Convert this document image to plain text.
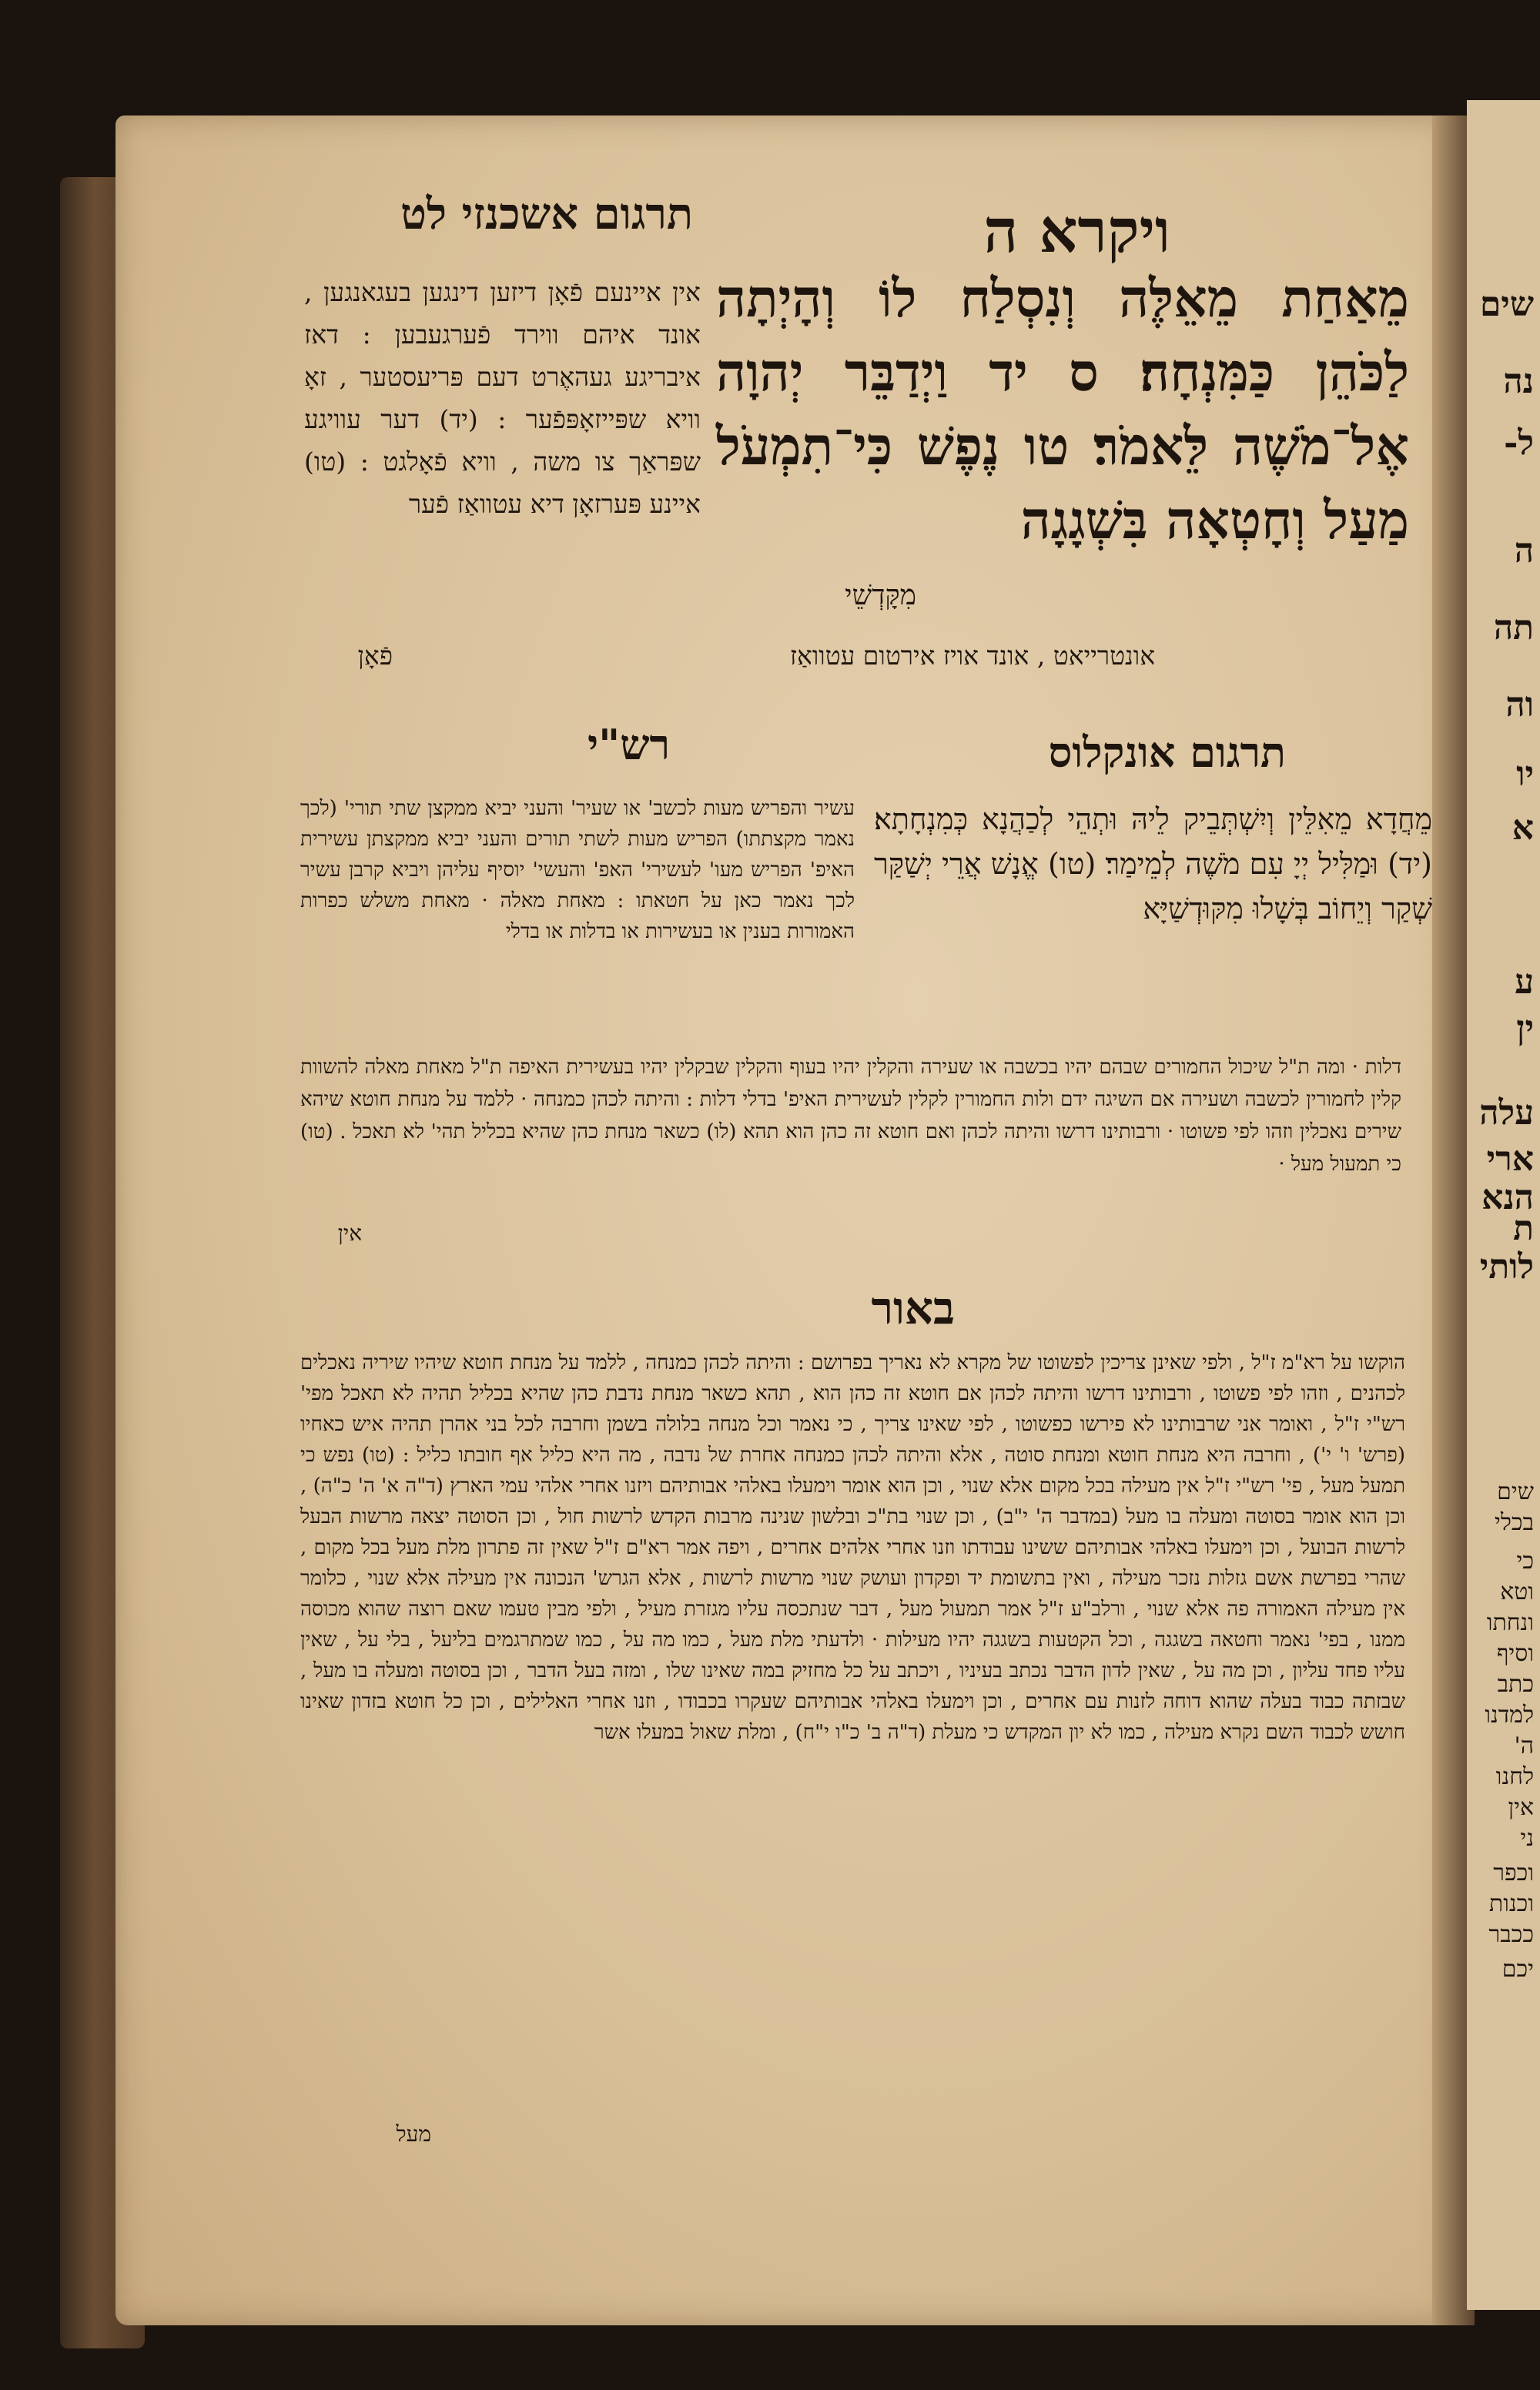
שים
נה
ל-
ה
תה
וה
יו
א
ע
ין
עלה
ארי
הנא
ת
לותי
שים
בכלי
כי
וטא
ונחתו
וסיף
כתב
למדנו
ה'
לחנו
אין
ני
וכפר
וכנות
ככבר
יכם
ויקרא ה
תרגום אשכנזי לט
מֵאַחַת מֵאֵלֶּה וְנִסְלַח לוֹ וְהָיְתָה לַכֹּהֵן כַּמִּנְחָה׃ ס יד וַיְדַבֵּר יְהוָה אֶל־מֹשֶׁה לֵּאמֹר׃ טו נֶפֶשׁ כִּי־תִמְעֹל מַעַל וְחָטְאָה בִּשְׁגָגָה
מִקָּדְשֵׁי
אין איינעם פֿאָן דיזען דינגען בעגאנגען , אונד איהם ווירד פֿערגעבען : דאז איבריגע געהאֶרט דעם פּריעסטער , זאָ וויא שפּייזאָפּפֿער : (יד) דער עוויגע שפּראַך צו משה , וויא פֿאָלגט : (טו) איינע פּערזאָן דיא עטוואַז פֿער
אונטרייאט , אונד אויז אירטום עטוואַז
פֿאָן
תרגום אונקלוס
רש"י
מֵחֲדָא מֵאִלֵּין וְיִשְׁתְּבֵיק לֵיהּ וּתְהֵי לְכַהֲנָא כְּמִנְחָתָא׃ (יד) וּמַלִּיל יְיָ עִם מֹשֶׁה לְמֵימַר׃ (טו) אֱנָשׁ אֲרֵי יְשַׁקַּר שְׁקַר וְיֵחוֹב בְּשָׁלוּ מִקּוּדְשַׁיָּא
עשיר והפריש מעות לכשב' או שעיר' והעני יביא ממקצן שתי תורי' (לכך נאמר מקצתתו) הפריש מעות לשתי תורים והעני יביא ממקצתן עשירית האיפ' הפריש מעו' לעשירי' האפ' והעשי' יוסיף עליהן ויביא קרבן עשיר לכך נאמר כאן על חטאתו : מאחת מאלה · מאחת משלש כפרות האמורות בענין או בעשירות או בדלות או בדלי
דלות · ומה ת"ל שיכול החמורים שבהם יהיו בכשבה או שעירה והקלין יהיו בעוף והקלין שבקלין יהיו בעשירית האיפה ת"ל מאחת מאלה להשוות קלין לחמורין לכשבה ושעירה אם השיגה ידם ולות החמורין לקלין לעשירית האיפ' בדלי דלות : והיתה לכהן כמנחה · ללמד על מנחת חוטא שיהא שירים נאכלין וזהו לפי פשוטו · ורבותינו דרשו והיתה לכהן ואם חוטא זה כהן הוא תהא (לו) כשאר מנחת כהן שהיא בכליל תהי' לא תאכל . (טו) כי תמעול מעל ·
אין
באור
הוקשו על רא"מ ז"ל , ולפי שאינן צריכין לפשוטו של מקרא לא נאריך בפרושם : והיתה לכהן כמנחה , ללמד על מנחת חוטא שיהיו שיריה נאכלים לכהנים , וזהו לפי פשוטו , ורבותינו דרשו והיתה לכהן אם חוטא זה כהן הוא , תהא כשאר מנחת נדבת כהן שהיא בכליל תהיה לא תאכל מפי' רש"י ז"ל , ואומר אני שרבותינו לא פירשו כפשוטו , לפי שאינו צריך , כי נאמר וכל מנחה בלולה בשמן וחרבה לכל בני אהרן תהיה איש כאחיו (פרש' ו' י') , וחרבה היא מנחת חוטא ומנחת סוטה , אלא והיתה לכהן כמנחה אחרת של נדבה , מה היא כליל אף חובתו כליל : (טו) נפש כי תמעל מעל , פי' רש"י ז"ל אין מעילה בכל מקום אלא שנוי , וכן הוא אומר וימעלו באלהי אבותיהם ויזנו אחרי אלהי עמי הארץ (ד"ה א' ה' כ"ה) , וכן הוא אומר בסוטה ומעלה בו מעל (במדבר ה' י"ב) , וכן שנוי בת"כ ובלשון שנינה מרבות הקדש לרשות חול , וכן הסוטה יצאה מרשות הבעל לרשות הבועל , וכן וימעלו באלהי אבותיהם ששינו עבודתו וזנו אחרי אלהים אחרים , ויפה אמר רא"ם ז"ל שאין זה פתרון מלת מעל בכל מקום , שהרי בפרשת אשם גזלות נזכר מעילה , ואין בתשומת יד ופקדון ועושק שנוי מרשות לרשות , אלא הגרש' הנכונה אין מעילה אלא שנוי , כלומר אין מעילה האמורה פה אלא שנוי , ורלב"ע ז"ל אמר תמעול מעל , דבר שנתכסה עליו מגזרת מעיל , ולפי מבין טעמו שאם רוצה שהוא מכוסה ממנו , בפי' נאמר וחטאה בשגגה , וכל הקטעות בשגגה יהיו מעילות · ולדעתי מלת מעל , כמו מה על , כמו שמתרגמים בליעל , בלי על , שאין עליו פחד עליון , וכן מה על , שאין לדון הדבר נכתב בעיניו , ויכתב על כל מחזיק במה שאינו שלו , ומזה בעל הדבר , וכן בסוטה ומעלה בו מעל , שבזתה כבוד בעלה שהוא דוחה לזנות עם אחרים , וכן וימעלו באלהי אבותיהם שעקרו בכבודו , וזנו אחרי האלילים , וכן כל חוטא בזדון שאינו חושש לכבוד השם נקרא מעילה , כמו לא יון המקדש כי מעלת (ד"ה ב' כ"ו י"ח) , ומלת שאול במעלו אשר
מעל
